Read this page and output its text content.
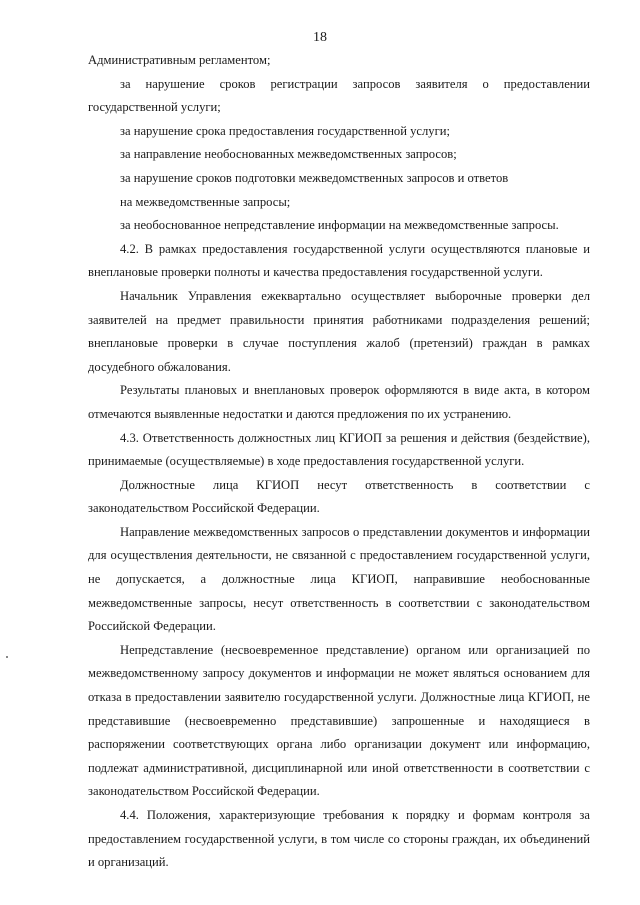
18

Административным регламентом;

за нарушение сроков регистрации запросов заявителя о предоставлении государственной услуги;

за нарушение срока предоставления государственной услуги;

за направление необоснованных межведомственных запросов;

за нарушение сроков подготовки межведомственных запросов и ответов

на межведомственные запросы;

за необоснованное непредставление информации на межведомственные запросы.

4.2. В рамках предоставления государственной услуги осуществляются плановые и внеплановые проверки полноты и качества предоставления государственной услуги.

Начальник Управления ежеквартально осуществляет выборочные проверки дел заявителей на предмет правильности принятия работниками подразделения решений; внеплановые проверки в случае поступления жалоб (претензий) граждан в рамках досудебного обжалования.

Результаты плановых и внеплановых проверок оформляются в виде акта, в котором отмечаются выявленные недостатки и даются предложения по их устранению.

4.3. Ответственность должностных лиц КГИОП за решения и действия (бездействие), принимаемые (осуществляемые) в ходе предоставления государственной услуги.

Должностные лица КГИОП несут ответственность в соответствии с законодательством Российской Федерации.

Направление межведомственных запросов о представлении документов и информации для осуществления деятельности, не связанной с предоставлением государственной услуги, не допускается, а должностные лица КГИОП, направившие необоснованные межведомственные запросы, несут ответственность в соответствии с законодательством Российской Федерации.

Непредставление (несвоевременное представление) органом или организацией по межведомственному запросу документов и информации не может являться основанием для отказа в предоставлении заявителю государственной услуги. Должностные лица КГИОП, не представившие (несвоевременно представившие) запрошенные и находящиеся в распоряжении соответствующих органа либо организации документ или информацию, подлежат административной, дисциплинарной или иной ответственности в соответствии с законодательством Российской Федерации.

4.4. Положения, характеризующие требования к порядку и формам контроля за предоставлением государственной услуги, в том числе со стороны граждан, их объединений и организаций.
